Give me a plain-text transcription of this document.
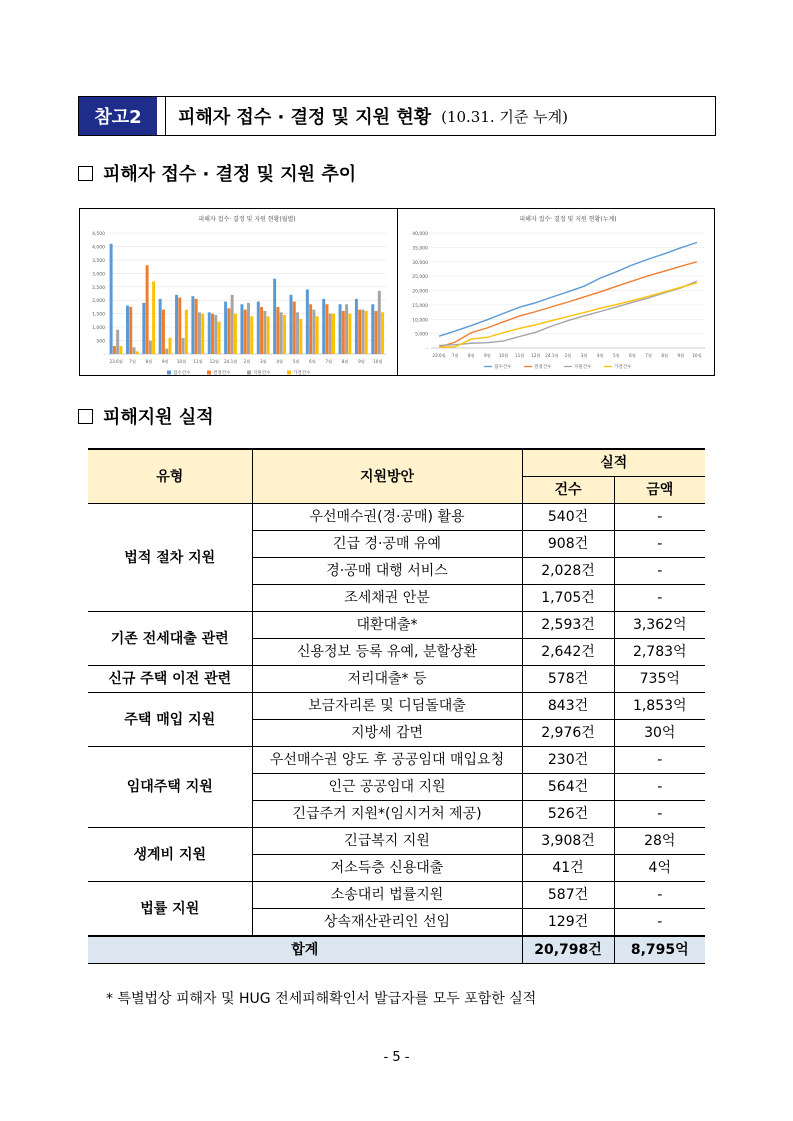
참고2	피해자 접수 · 결정 및 지원 현황 (10.31. 기준 누계)
피해자 접수 · 결정 및 지원 추이
피해자 접수· 결정 및 지원 현황(월별)
4,500
4,000
3,500
3,000
2,500
2,000
1,500
1,000
500
-
23.6월 7월 8월 9월 10월 11월 12월 24.1월 2월 3월 4월 5월 6월 7월 8월 9월 10월
접수건수	결정건수	지원건수	가결건수
피해자 접수· 결정 및 지원 현황(누계)
40,000
35,000
30,000
25,000
20,000
15,000
10,000
5,000
-
23.6월 7월 8월 9월 10월 11월 12월 24.1월 2월 3월 4월 5월 6월 7월 8월 9월 10월
접수건수	결정건수	지원건수	가결건수
피해지원 실적
유형	지원방안	실적	
		건수	금액
법적 절차 지원	우선매수권(경·공매) 활용	540건	-
	긴급 경·공매 유예	908건	-
	경·공매 대행 서비스	2,028건	-
	조세채권 안분	1,705건	-
기존 전세대출 관련	대환대출*	2,593건	3,362억
	신용정보 등록 유예, 분할상환	2,642건	2,783억
신규 주택 이전 관련	저리대출* 등	578건	735억
주택 매입 지원	보금자리론 및 디딤돌대출	843건	1,853억
	지방세 감면	2,976건	30억
임대주택 지원	우선매수권 양도 후 공공임대 매입요청	230건	-
	인근 공공임대 지원	564건	-
	긴급주거 지원*(임시거처 제공)	526건	-
생계비 지원	긴급복지 지원	3,908건	28억
	저소득층 신용대출	41건	4억
법률 지원	소송대리 법률지원	587건	-
	상속재산관리인 선임	129건	-
합계		20,798건	8,795억
* 특별법상 피해자 및 HUG 전세피해확인서 발급자를 모두 포함한 실적
- 5 -
